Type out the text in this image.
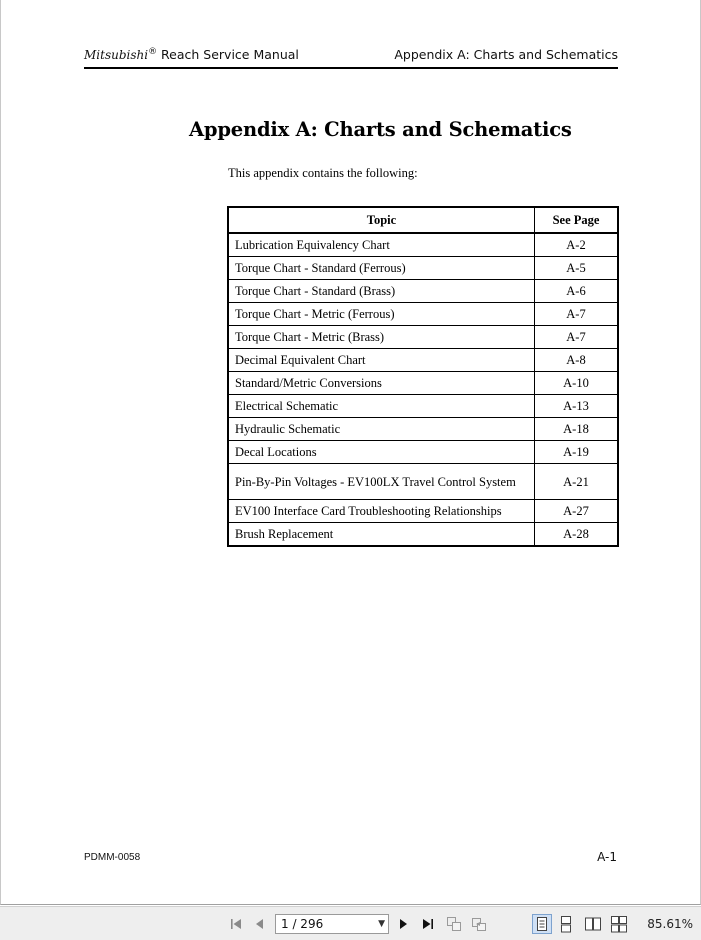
Mitsubishi® Reach Service Manual	Appendix A: Charts and Schematics
Appendix A: Charts and Schematics
This appendix contains the following:
Topic	See Page
Lubrication Equivalency Chart	A-2
Torque Chart - Standard (Ferrous)	A-5
Torque Chart - Standard (Brass)	A-6
Torque Chart - Metric (Ferrous)	A-7
Torque Chart - Metric (Brass)	A-7
Decimal Equivalent Chart	A-8
Standard/Metric Conversions	A-10
Electrical Schematic	A-13
Hydraulic Schematic	A-18
Decal Locations	A-19
Pin-By-Pin Voltages - EV100LX Travel Control System	A-21
EV100 Interface Card Troubleshooting Relationships	A-27
Brush Replacement	A-28
PDMM-0058	A-1
1 / 296	▼	85.61%
